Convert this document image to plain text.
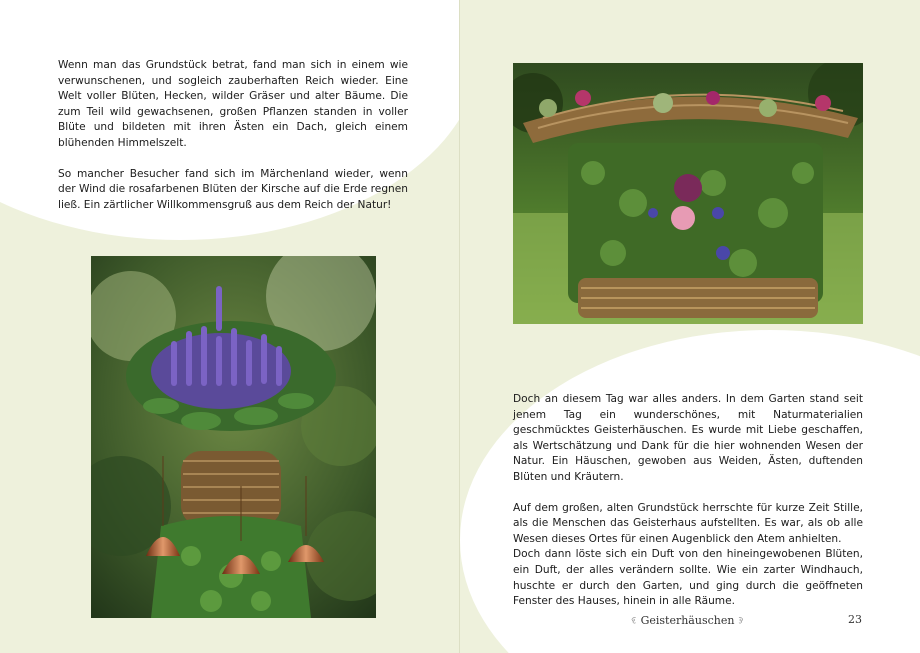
Wenn man das Grundstück betrat, fand man sich in einem wie verwunschenen, und sogleich zauberhaften Reich wieder. Eine Welt voller Blüten, Hecken, wilder Gräser und alter Bäume. Die zum Teil wild gewachsenen, großen Pflanzen standen in voller Blüte und bildeten mit ihren Ästen ein Dach, gleich einem blühenden Himmelszelt.

So mancher Besucher fand sich im Märchenland wieder, wenn der Wind die rosafarbenen Blüten der Kirsche auf die Erde regnen ließ. Ein zärtlicher Willkommensgruß aus dem Reich der Natur!

Doch an diesem Tag war alles anders. In dem Garten stand seit jenem Tag ein wunderschönes, mit Naturmaterialien geschmücktes Geisterhäuschen. Es wurde mit Liebe geschaffen, als Wertschätzung und Dank für die hier wohnenden Wesen der Natur. Ein Häuschen, gewoben aus Weiden, Ästen, duftenden Blüten und Kräutern.

Auf dem großen, alten Grundstück herrschte für kurze Zeit Stille, als die Menschen das Geisterhaus aufstellten. Es war, als ob alle Wesen dieses Ortes für einen Augenblick den Atem anhielten.

Doch dann löste sich ein Duft von den hineingewobenen Blüten, ein Duft, der alles verändern sollte. Wie ein zarter Windhauch, huschte er durch den Garten, und ging durch die geöffneten Fenster des Hauses, hinein in alle Räume.

Geisterhäuschen	23
